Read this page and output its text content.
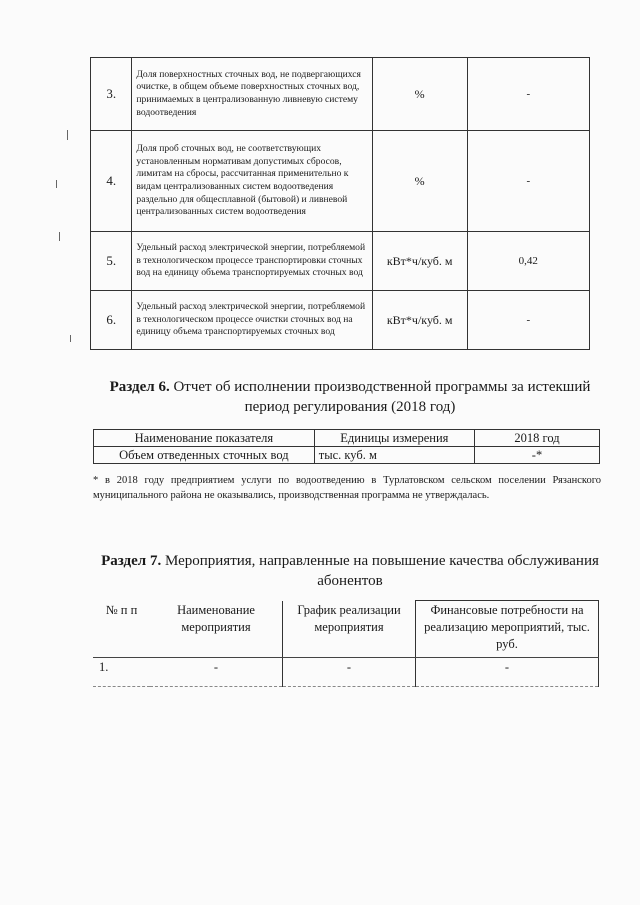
3.	Доля поверхностных сточных вод, не подвергающихся очистке, в общем объеме поверхностных сточных вод, принимаемых в централизованную ливневую систему водоотведения	%	-
4.	Доля проб сточных вод, не соответствующих установленным нормативам допустимых сбросов, лимитам на сбросы, рассчитанная применительно к видам централизованных систем водоотведения раздельно для общесплавной (бытовой) и ливневой централизованных систем водоотведения	%	-
5.	Удельный расход электрической энергии, потребляемой в технологическом процессе транспортировки сточных вод на единицу объема транспортируемых сточных вод	кВт*ч/куб. м	0,42
6.	Удельный расход электрической энергии, потребляемой в технологическом процессе очистки сточных вод на единицу объема транспортируемых сточных вод	кВт*ч/куб. м	-
Раздел 6. Отчет об исполнении производственной программы за истекший период регулирования (2018 год)
Наименование показателя	Единицы измерения	2018 год
Объем отведенных сточных вод	тыс. куб. м	-*
* в 2018 году предприятием услуги по водоотведению в Турлатовском сельском поселении Рязанского муниципального района не оказывались, производственная программа не утверждалась.
Раздел 7. Мероприятия, направленные на повышение качества обслуживания абонентов
№ п п	Наименование мероприятия	График реализации мероприятия	Финансовые потребности на реализацию мероприятий, тыс. руб.
1.	-	-	-
